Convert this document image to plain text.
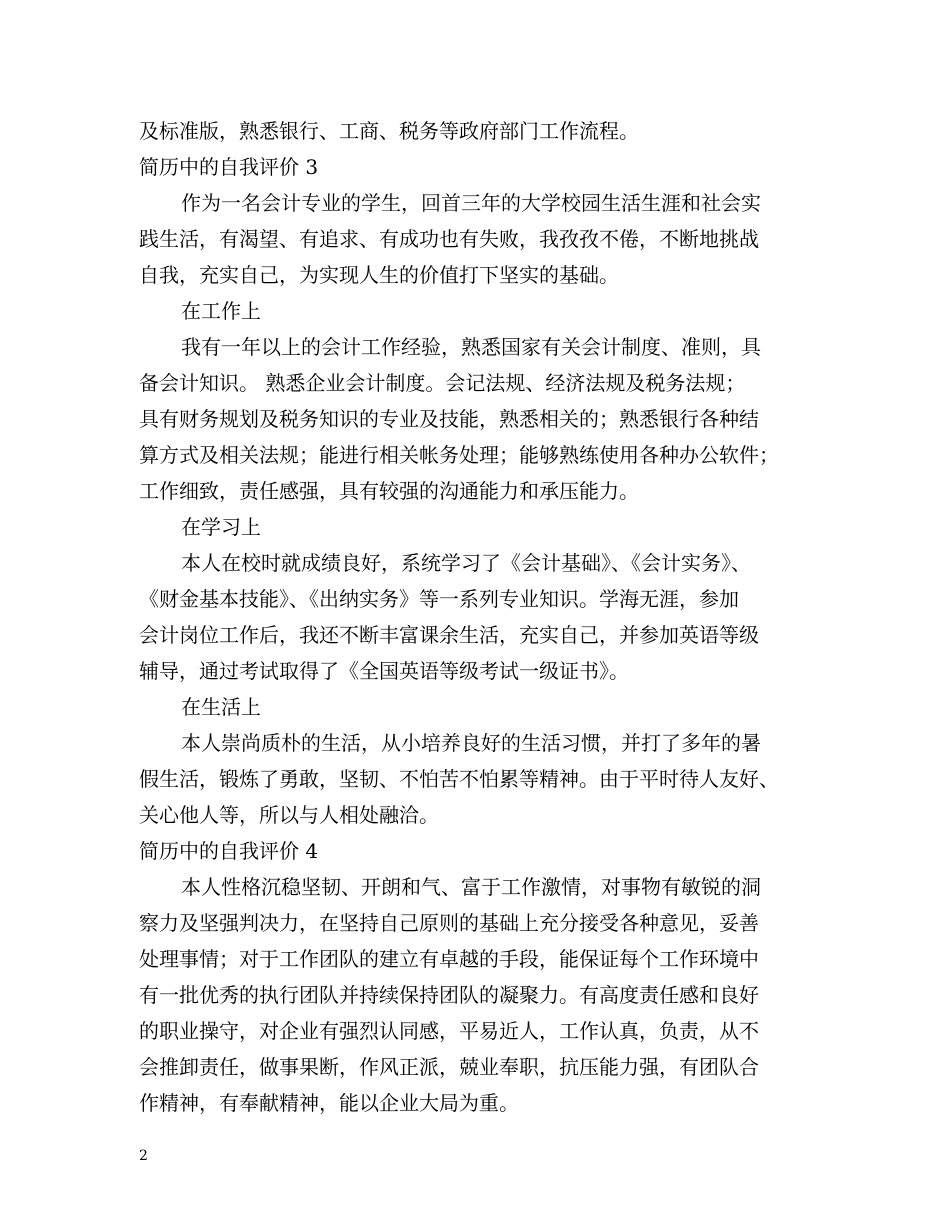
及标准版，熟悉银行、工商、税务等政府部门工作流程。
简历中的自我评价 3
作为一名会计专业的学生，回首三年的大学校园生活生涯和社会实
践生活，有渴望、有追求、有成功也有失败，我孜孜不倦，不断地挑战
自我，充实自己，为实现人生的价值打下坚实的基础。
在工作上
我有一年以上的会计工作经验，熟悉国家有关会计制度、准则，具
备会计知识。 熟悉企业会计制度。会记法规、经济法规及税务法规；
具有财务规划及税务知识的专业及技能，熟悉相关的；熟悉银行各种结
算方式及相关法规；能进行相关帐务处理；能够熟练使用各种办公软件；
工作细致，责任感强，具有较强的沟通能力和承压能力。
在学习上
本人在校时就成绩良好，系统学习了《会计基础》、《会计实务》、
《财金基本技能》、《出纳实务》等一系列专业知识。学海无涯，参加
会计岗位工作后，我还不断丰富课余生活，充实自己，并参加英语等级
辅导，通过考试取得了《全国英语等级考试一级证书》。
在生活上
本人崇尚质朴的生活，从小培养良好的生活习惯，并打了多年的暑
假生活，锻炼了勇敢，坚韧、不怕苦不怕累等精神。由于平时待人友好、
关心他人等，所以与人相处融洽。
简历中的自我评价 4
本人性格沉稳坚韧、开朗和气、富于工作激情，对事物有敏锐的洞
察力及坚强判决力，在坚持自己原则的基础上充分接受各种意见，妥善
处理事情；对于工作团队的建立有卓越的手段，能保证每个工作环境中
有一批优秀的执行团队并持续保持团队的凝聚力。有高度责任感和良好
的职业操守，对企业有强烈认同感，平易近人，工作认真，负责，从不
会推卸责任，做事果断，作风正派，兢业奉职，抗压能力强，有团队合
作精神，有奉献精神，能以企业大局为重。
2
